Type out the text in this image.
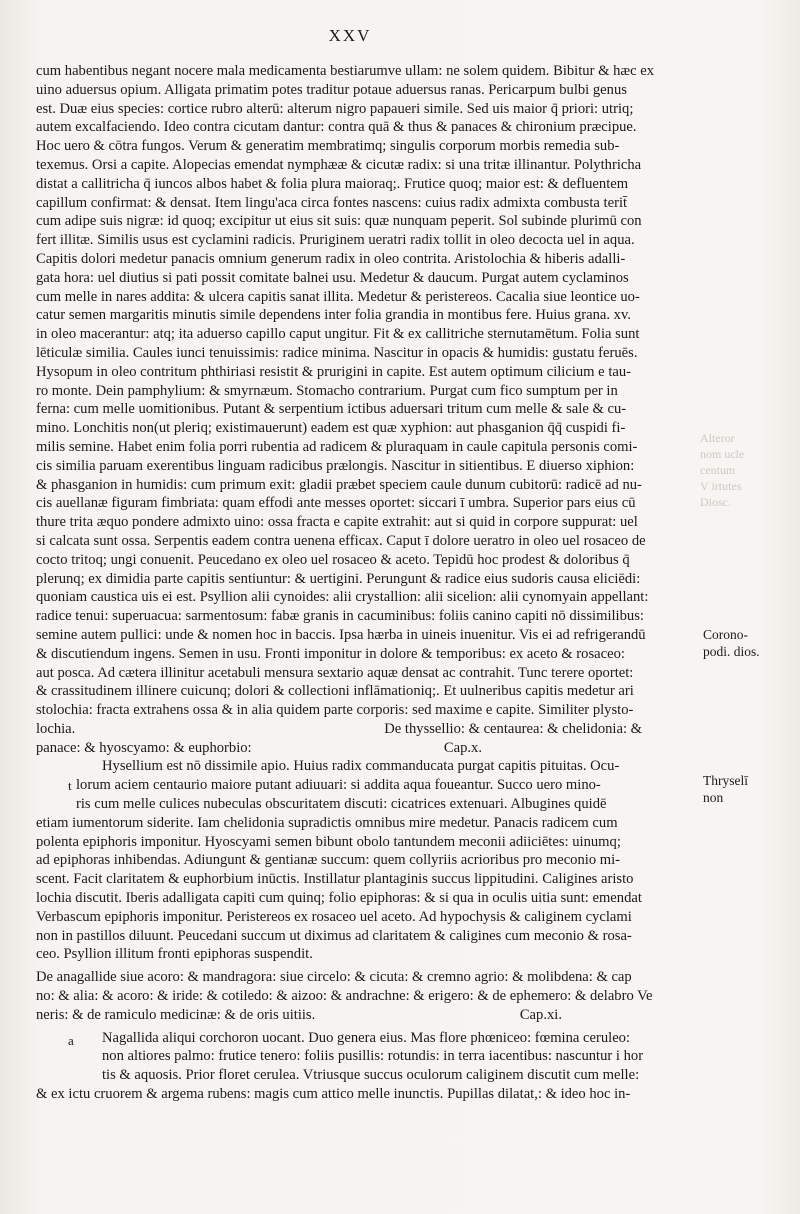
XXV
Alteror
nom ucle
centum
V irtutes
Diosc.
cum habentibus negant nocere mala medicamenta bestiarumve ullam: ne solem quidem. Bibitur & hæc ex
uino aduersus opium. Alligata primatim potes traditur potaue aduersus ranas. Pericarpum bulbi genus
est. Duæ eius species: cortice rubro alterū: alterum nigro papaueri simile. Sed uis maior q̄ priori: utriq;
autem excalfaciendo. Ideo contra cicutam dantur: contra quā & thus & panaces & chironium præcipue.
Hoc uero & cōtra fungos. Verum & generatim membratimq; singulis corporum morbis remedia sub-
texemus. Orsi a capite. Alopecias emendat nymphææ & cicutæ radix: si una tritæ illinantur. Polythricha
distat a callitricha q̄ iuncos albos habet & folia plura maioraq;. Frutice quoq; maior est: & defluentem
capillum confirmat: & densat. Item lingu'aca circa fontes nascens: cuius radix admixta combusta terit̄
cum adipe suis nigræ: id quoq; excipitur ut eius sit suis: quæ nunquam peperit. Sol subinde plurimū con
fert illitæ. Similis usus est cyclamini radicis. Pruriginem ueratri radix tollit in oleo decocta uel in aqua.
Capitis dolori medetur panacis omnium generum radix in oleo contrita. Aristolochia & hiberis adalli-
gata hora: uel diutius si pati possit comitate balnei usu. Medetur & daucum. Purgat autem cyclaminos
cum melle in nares addita: & ulcera capitis sanat illita. Medetur & peristereos. Cacalia siue leontice uo-
catur semen margaritis minutis simile dependens inter folia grandia in montibus fere. Huius grana. xv.
in oleo macerantur: atq; ita aduerso capillo caput ungitur. Fit & ex callitriche sternutamētum. Folia sunt
lēticulæ similia. Caules iunci tenuissimis: radice minima. Nascitur in opacis & humidis: gustatu feruēs.
Hysopum in oleo contritum phthiriasi resistit & prurigini in capite. Est autem optimum cilicium e tau-
ro monte. Dein pamphylium: & smyrnæum. Stomacho contrarium. Purgat cum fico sumptum per in
ferna: cum melle uomitionibus. Putant & serpentium ictibus aduersari tritum cum melle & sale & cu-
mino. Lonchitis non(ut pleriq; existimauerunt) eadem est quæ xyphion: aut phasganion q̄q̄ cuspidi fi-
milis semine. Habet enim folia porri rubentia ad radicem & pluraquam in caule capitula personis comi-
cis similia paruam exerentibus linguam radicibus prælongis. Nascitur in sitientibus. E diuerso xiphion:
& phasganion in humidis: cum primum exit: gladii præbet speciem caule dunum cubitorū: radicē ad nu-
cis auellanæ figuram fimbriata: quam effodi ante messes oportet: siccari ī umbra. Superior pars eius cū
thure trita æquo pondere admixto uino: ossa fracta e capite extrahit: aut si quid in corpore suppurat: uel
si calcata sunt ossa. Serpentis eadem contra uenena efficax. Caput ī dolore ueratro in oleo uel rosaceo de
cocto tritoq; ungi conuenit. Peucedano ex oleo uel rosaceo & aceto. Tepidū hoc prodest & doloribus q̄
plerunq; ex dimidia parte capitis sentiuntur: & uertigini. Perungunt & radice eius sudoris causa eliciēdi:
quoniam caustica uis ei est. Psyllion alii cynoides: alii crystallion: alii sicelion: alii cynomyain appellant:
radice tenui: superuacua: sarmentosum: fabæ granis in cacuminibus: foliis canino capiti nō dissimilibus:
semine autem pullici: unde & nomen hoc in baccis. Ipsa hærba in uineis inuenitur. Vis ei ad refrigerandū
& discutiendum ingens. Semen in usu. Fronti imponitur in dolore & temporibus: ex aceto & rosaceo:
aut posca. Ad cætera illinitur acetabuli mensura sextario aquæ densat ac contrahit. Tunc terere oportet:
& crassitudinem illinere cuicunq; dolori & collectioni inflāmationiq;. Et uulneribus capitis medetur ari
stolochia: fracta extrahens ossa & in alia quidem parte corporis: sed maxime e capite. Similiter plysto-
lochia.	De thyssellio: & centaurea: & chelidonia: &
panace: & hyoscyamo: & euphorbio:	Cap.x.
Hysellium est nō dissimile apio. Huius radix commanducata purgat capitis pituitas. Ocu-
lorum aciem centaurio maiore putant adiuuari: si addita aqua foueantur. Succo uero mino-
ris cum melle culices nubeculas obscuritatem discuti: cicatrices extenuari. Albugines quidē
etiam iumentorum siderite. Iam chelidonia supradictis omnibus mire medetur. Panacis radicem cum
polenta epiphoris imponitur. Hyoscyami semen bibunt obolo tantundem meconii adiiciētes: uinumq;
ad epiphoras inhibendas. Adiungunt & gentianæ succum: quem collyriis acrioribus pro meconio mi-
scent. Facit claritatem & euphorbium inūctis. Instillatur plantaginis succus lippitudini. Caligines aristo
lochia discutit. Iberis adalligata capiti cum quinq; folio epiphoras: & si qua in oculis uitia sunt: emendat
Verbascum epiphoris imponitur. Peristereos ex rosaceo uel aceto. Ad hypochysis & caliginem cyclami
non in pastillos diluunt. Peucedani succum ut diximus ad claritatem & caligines cum meconio & rosa-
ceo. Psyllion illitum fronti epiphoras suspendit.
De anagallide siue acoro: & mandragora: siue circelo: & cicuta: & cremno agrio: & molibdena: & cap
no: & alia: & acoro: & iride: & cotiledo: & aizoo: & andrachne: & erigero: & de ephemero: & delabro Ve
neris: & de ramiculo medicinæ: & de oris uitiis.	Cap.xi.
Nagallida aliqui corchoron uocant. Duo genera eius. Mas flore phœniceo: fœmina ceruleo:
non altiores palmo: frutice tenero: foliis pusillis: rotundis: in terra iacentibus: nascuntur i hor
tis & aquosis. Prior floret cerulea. Vtriusque succus oculorum caliginem discutit cum melle:
& ex ictu cruorem & argema rubens: magis cum attico melle inunctis. Pupillas dilatat,: & ideo hoc in-
Corono-
podi. dios.
Thryselī
non
t
a
